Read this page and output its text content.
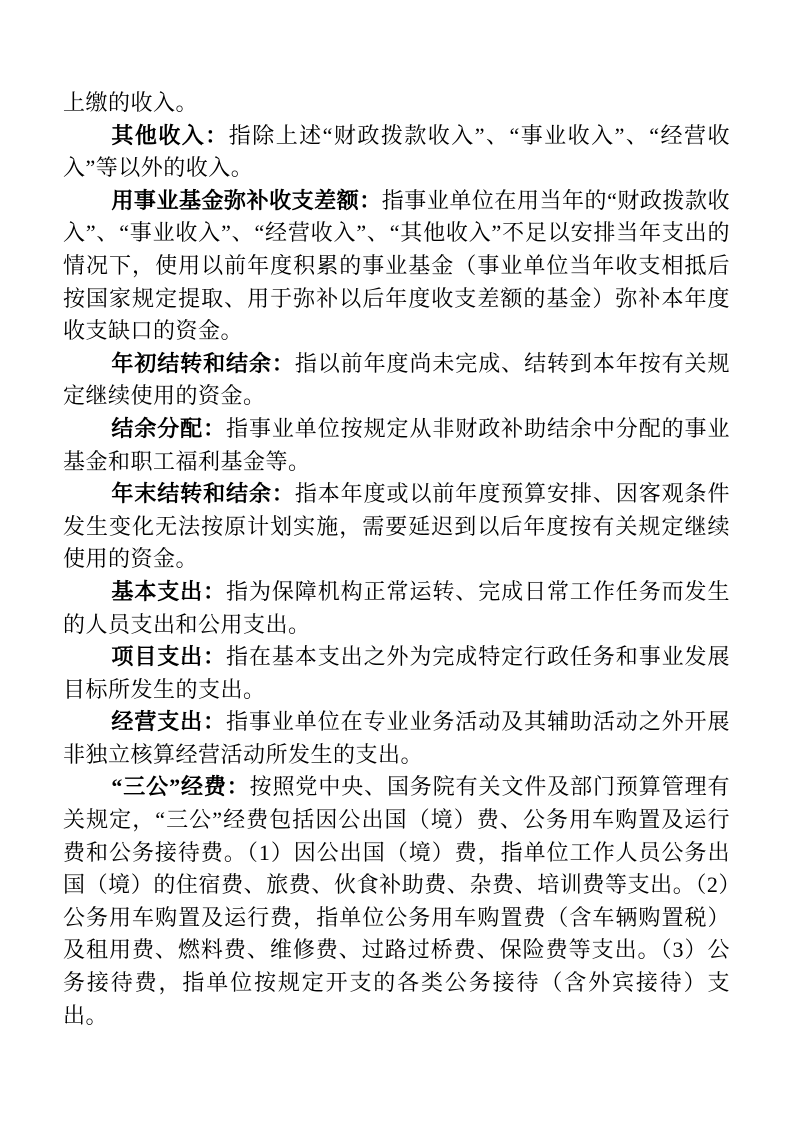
上缴的收入。

其他收入：指除上述“财政拨款收入”、“事业收入”、“经营收入”等以外的收入。

用事业基金弥补收支差额：指事业单位在用当年的“财政拨款收入”、“事业收入”、“经营收入”、“其他收入”不足以安排当年支出的情况下，使用以前年度积累的事业基金（事业单位当年收支相抵后按国家规定提取、用于弥补以后年度收支差额的基金）弥补本年度收支缺口的资金。

年初结转和结余：指以前年度尚未完成、结转到本年按有关规定继续使用的资金。

结余分配：指事业单位按规定从非财政补助结余中分配的事业基金和职工福利基金等。

年末结转和结余：指本年度或以前年度预算安排、因客观条件发生变化无法按原计划实施，需要延迟到以后年度按有关规定继续使用的资金。

基本支出：指为保障机构正常运转、完成日常工作任务而发生的人员支出和公用支出。

项目支出：指在基本支出之外为完成特定行政任务和事业发展目标所发生的支出。

经营支出：指事业单位在专业业务活动及其辅助活动之外开展非独立核算经营活动所发生的支出。

“三公”经费：按照党中央、国务院有关文件及部门预算管理有关规定，“三公”经费包括因公出国（境）费、公务用车购置及运行费和公务接待费。（1）因公出国（境）费，指单位工作人员公务出国（境）的住宿费、旅费、伙食补助费、杂费、培训费等支出。（2）公务用车购置及运行费，指单位公务用车购置费（含车辆购置税）及租用费、燃料费、维修费、过路过桥费、保险费等支出。（3）公务接待费，指单位按规定开支的各类公务接待（含外宾接待）支出。
